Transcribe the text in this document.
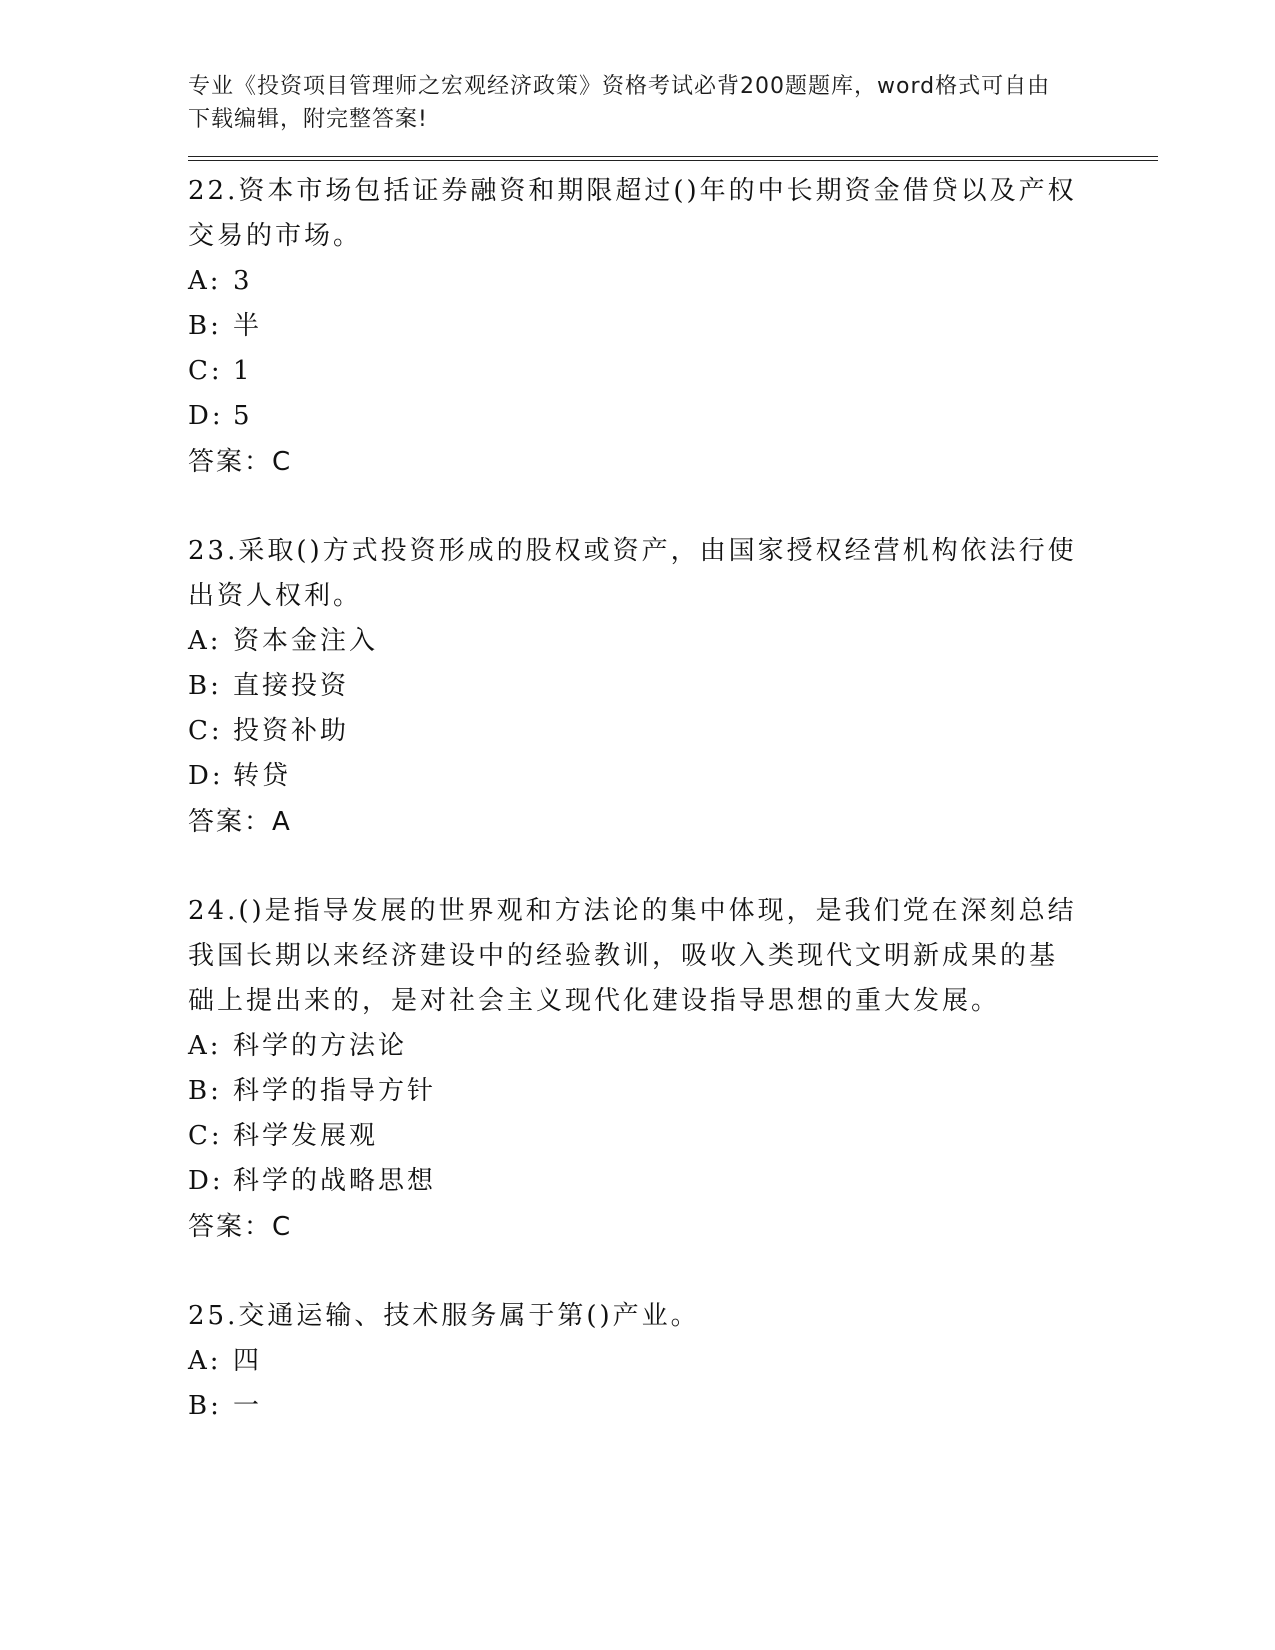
专业《投资项目管理师之宏观经济政策》资格考试必背200题题库，word格式可自由下载编辑，附完整答案!
22.资本市场包括证券融资和期限超过()年的中长期资金借贷以及产权交易的市场。
A: 3
B: 半
C: 1
D: 5
答案：C
23.采取()方式投资形成的股权或资产，由国家授权经营机构依法行使出资人权利。
A: 资本金注入
B: 直接投资
C: 投资补助
D: 转贷
答案：A
24.()是指导发展的世界观和方法论的集中体现，是我们党在深刻总结我国长期以来经济建设中的经验教训，吸收入类现代文明新成果的基础上提出来的，是对社会主义现代化建设指导思想的重大发展。
A: 科学的方法论
B: 科学的指导方针
C: 科学发展观
D: 科学的战略思想
答案：C
25.交通运输、技术服务属于第()产业。
A: 四
B: 一
